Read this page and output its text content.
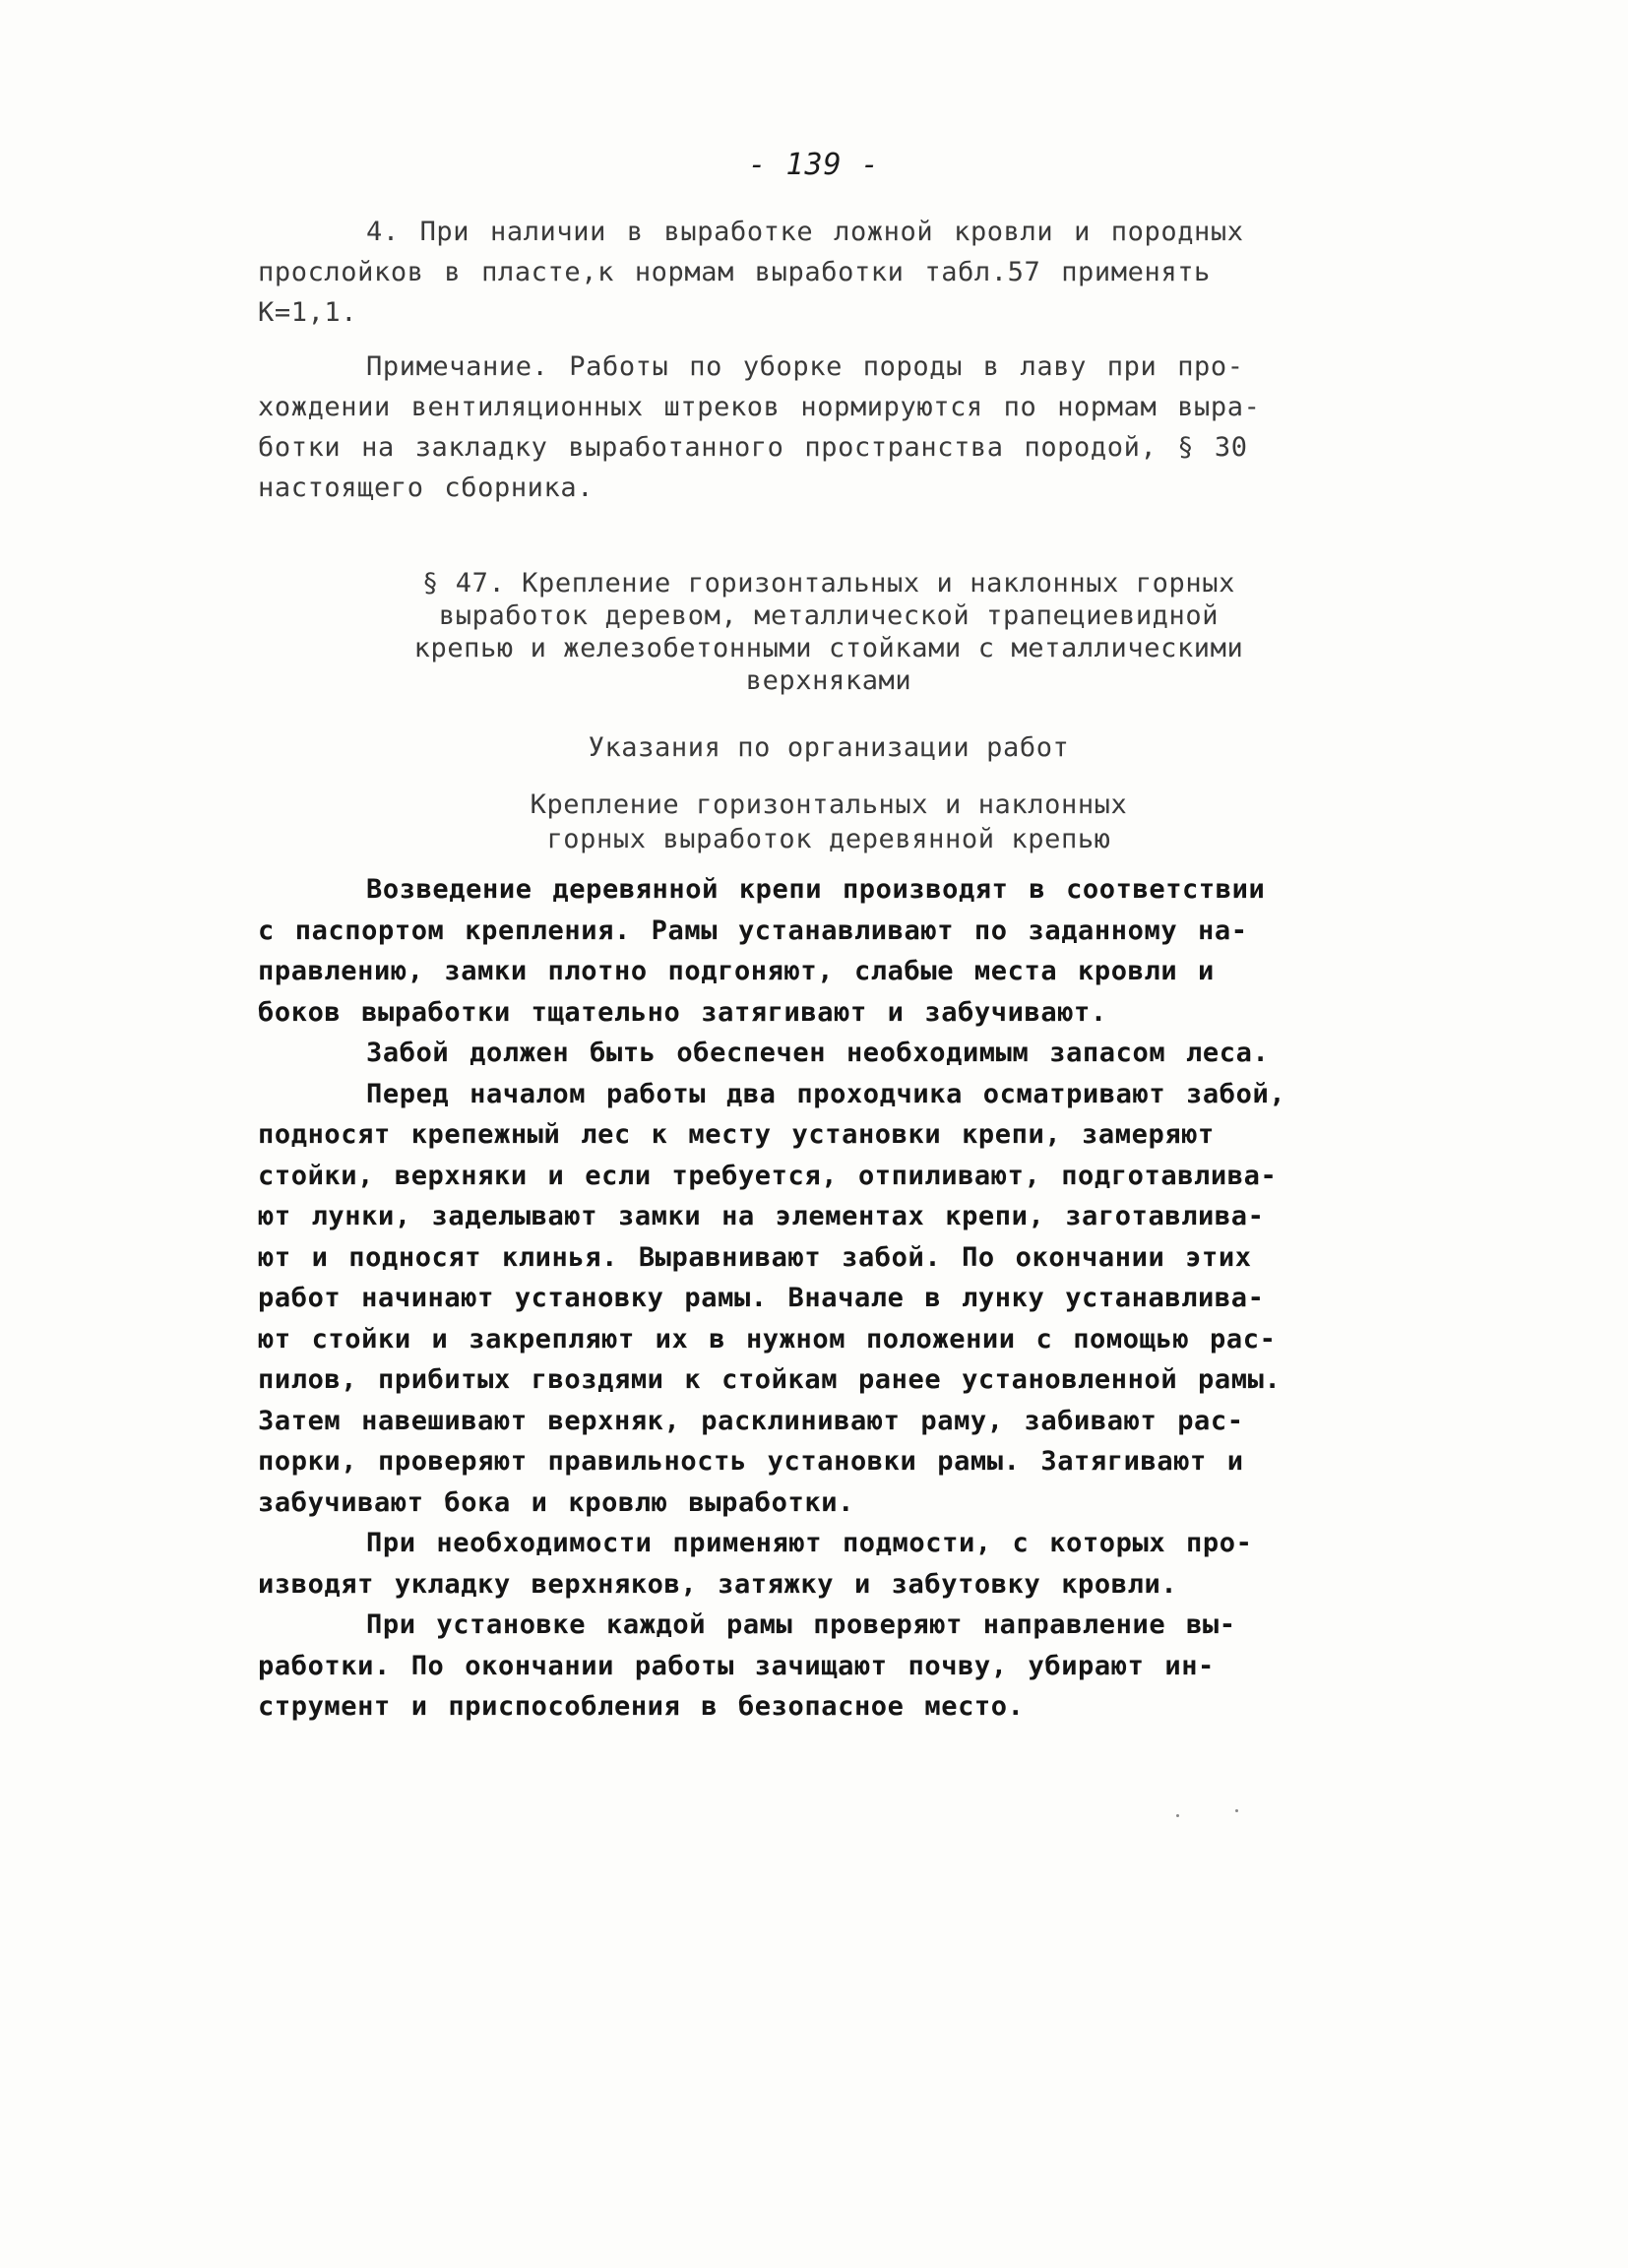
- 139 -
4. При наличии в выработке ложной кровли и породных
прослойков в пласте,к нормам выработки табл.57 применять
К=1,1.
Примечание. Работы по уборке породы в лаву при про-
хождении вентиляционных штреков нормируются по нормам выра-
ботки на закладку выработанного пространства породой, § 30
настоящего сборника.
§ 47. Крепление горизонтальных и наклонных горных
выработок деревом, металлической трапециевидной
крепью и железобетонными стойками с металлическими
верхняками
Указания по организации работ
Крепление горизонтальных и наклонных
горных выработок деревянной крепью
Возведение деревянной крепи производят в соответствии
с паспортом крепления. Рамы устанавливают по заданному на-
правлению, замки плотно подгоняют, слабые места кровли и
боков выработки тщательно затягивают и забучивают.
Забой должен быть обеспечен необходимым запасом леса.
Перед началом работы два проходчика осматривают забой,
подносят крепежный лес к месту установки крепи, замеряют
стойки, верхняки и если требуется, отпиливают, подготавлива-
ют лунки, заделывают замки на элементах крепи, заготавлива-
ют и подносят клинья. Выравнивают забой. По окончании этих
работ начинают установку рамы. Вначале в лунку устанавлива-
ют стойки и закрепляют их в нужном положении с помощью рас-
пилов, прибитых гвоздями к стойкам ранее установленной рамы.
Затем навешивают верхняк, расклинивают раму, забивают рас-
порки, проверяют правильность установки рамы. Затягивают и
забучивают бока и кровлю выработки.
При необходимости применяют подмости, с которых про-
изводят укладку верхняков, затяжку и забутовку кровли.
При установке каждой рамы проверяют направление вы-
работки. По окончании работы зачищают почву, убирают ин-
струмент и приспособления в безопасное место.
